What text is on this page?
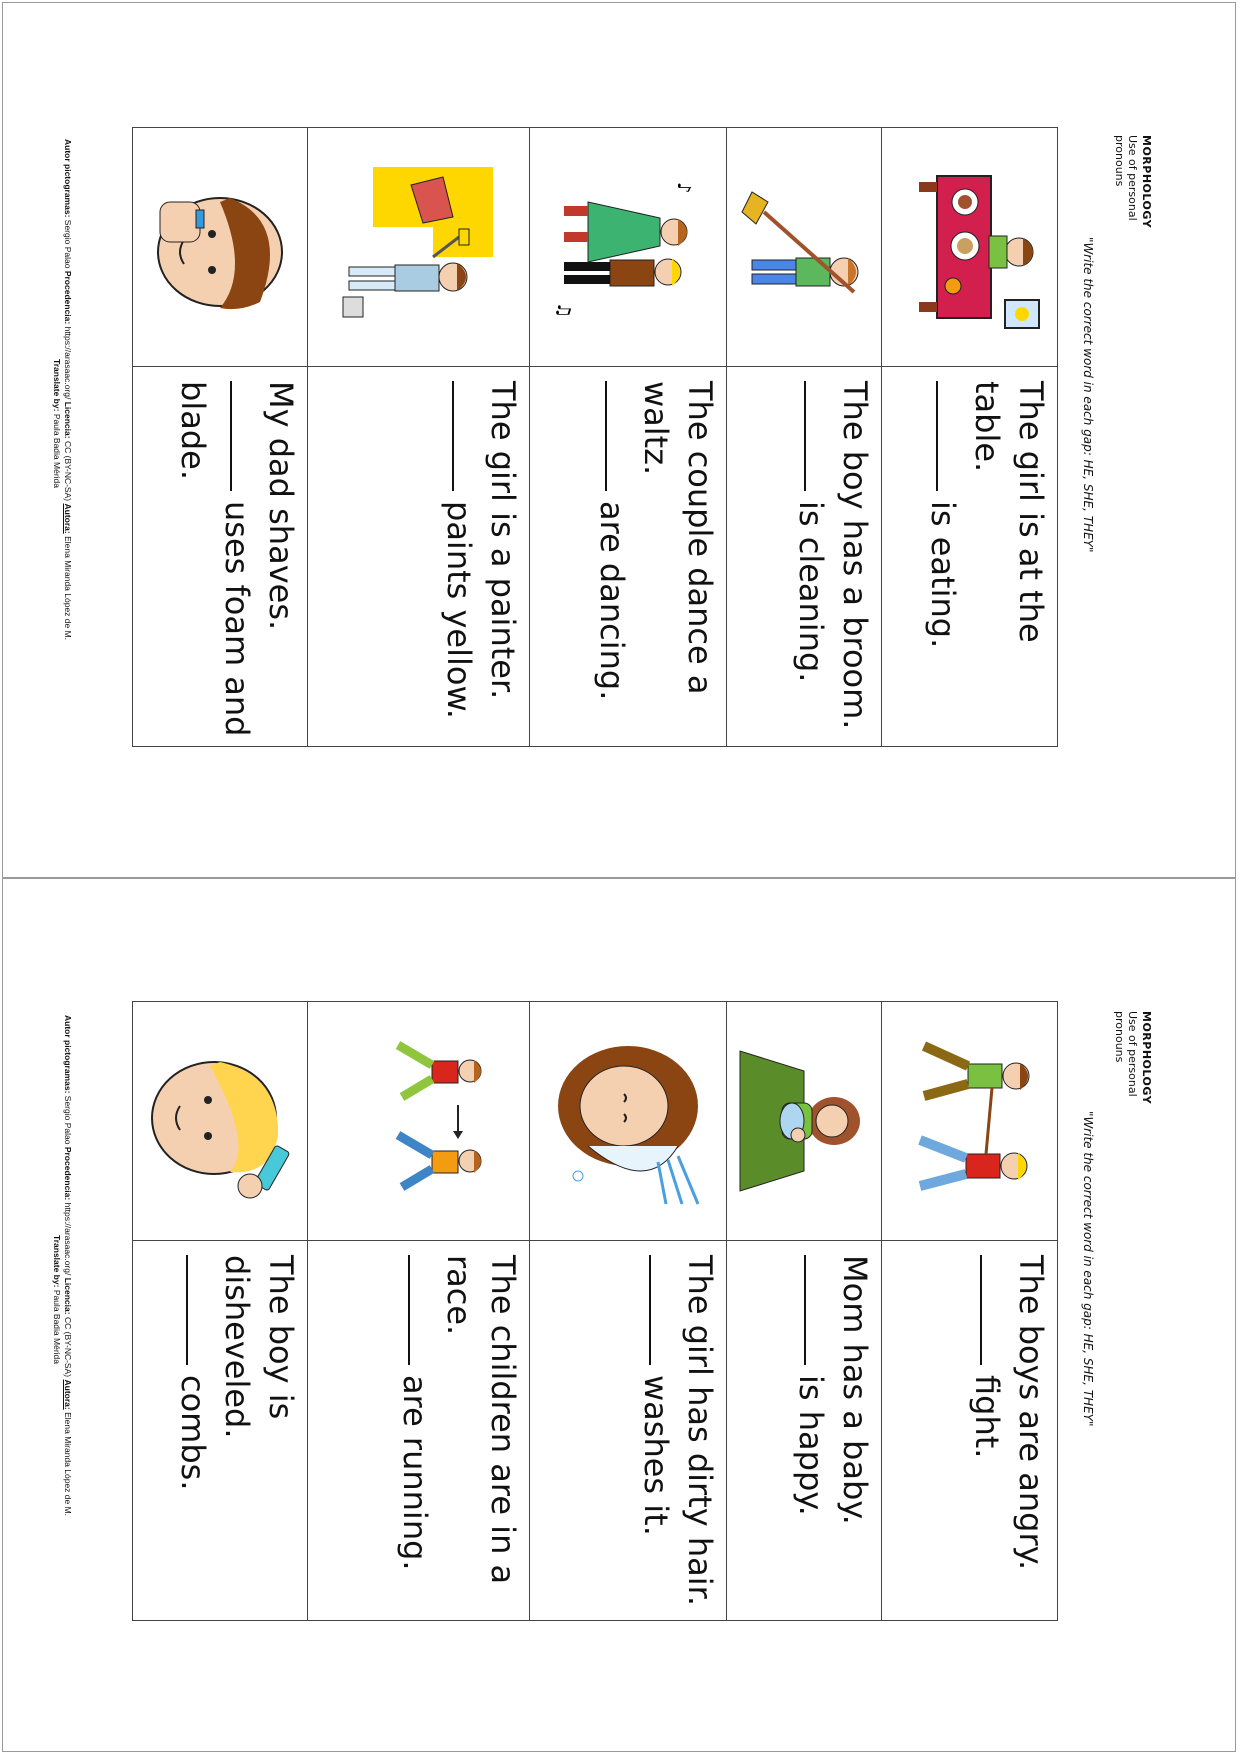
MORPHOLOGY
Use of personal pronouns
"Write the correct word in each gap: HE, SHE, THEY"
	The girl is at the table.
is eating.

	The boy has a broom.
is cleaning.

♪
♫	The couple dance a waltz.
are dancing.

	The girl is a painter.
paints yellow.

	My dad shaves.
uses foam and blade.
Autor pictogramas: Sergio Palao Procedencia: https://arasaac.org/ Licencia: CC (BY-NC-SA) Autora: Elena Miranda López de M.
Translate by: Paula Badia Mérida
MORPHOLOGY
Use of personal pronouns
"Write the correct word in each gap: HE, SHE, THEY"
	The boys are angry.
fight.

	Mom has a baby.
is happy.

	The girl has dirty hair.
washes it.

	The children are in a race.
are running.

	The boy is disheveled.
combs.
Autor pictogramas: Sergio Palao Procedencia: https://arasaac.org/ Licencia: CC (BY-NC-SA) Autora: Elena Miranda López de M.
Translate by: Paula Badia Mérida
